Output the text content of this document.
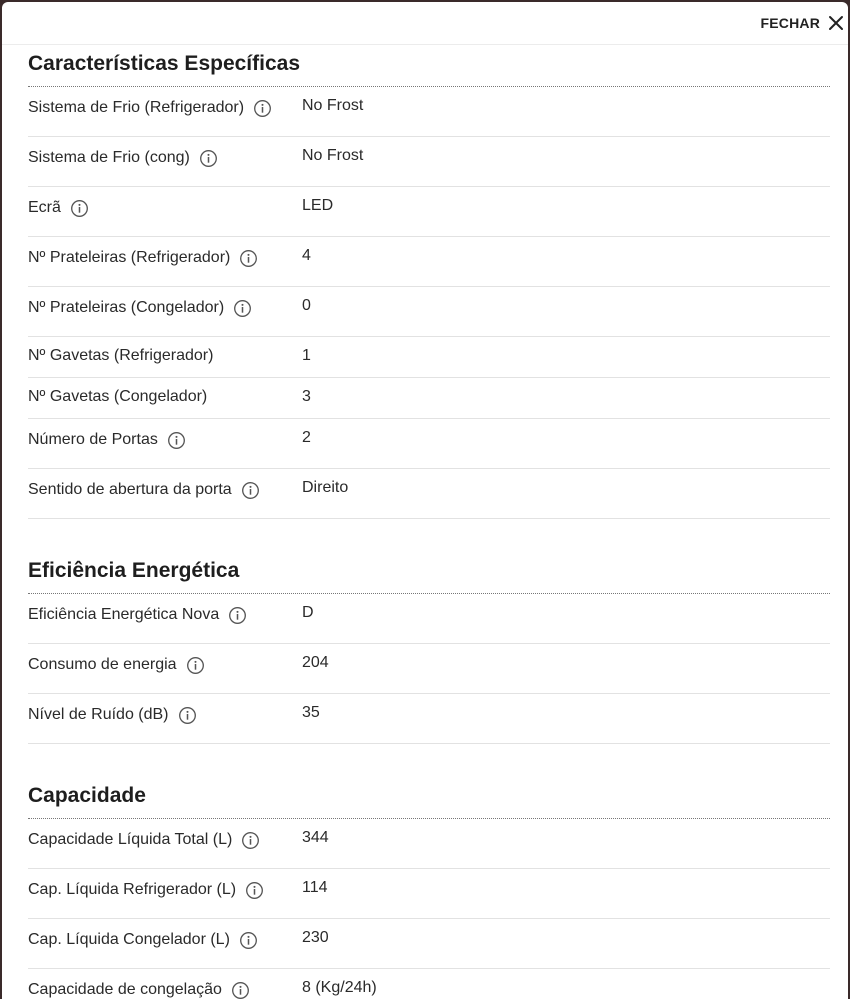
FECHAR
Características Específicas
Sistema de Frio (Refrigerador)	No Frost
Sistema de Frio (cong)	No Frost
Ecrã	LED
Nº Prateleiras (Refrigerador)	4
Nº Prateleiras (Congelador)	0
Nº Gavetas (Refrigerador)	1
Nº Gavetas (Congelador)	3
Número de Portas	2
Sentido de abertura da porta	Direito
Eficiência Energética
Eficiência Energética Nova	D
Consumo de energia	204
Nível de Ruído (dB)	35
Capacidade
Capacidade Líquida Total (L)	344
Cap. Líquida Refrigerador (L)	114
Cap. Líquida Congelador (L)	230
Capacidade de congelação	8 (Kg/24h)
